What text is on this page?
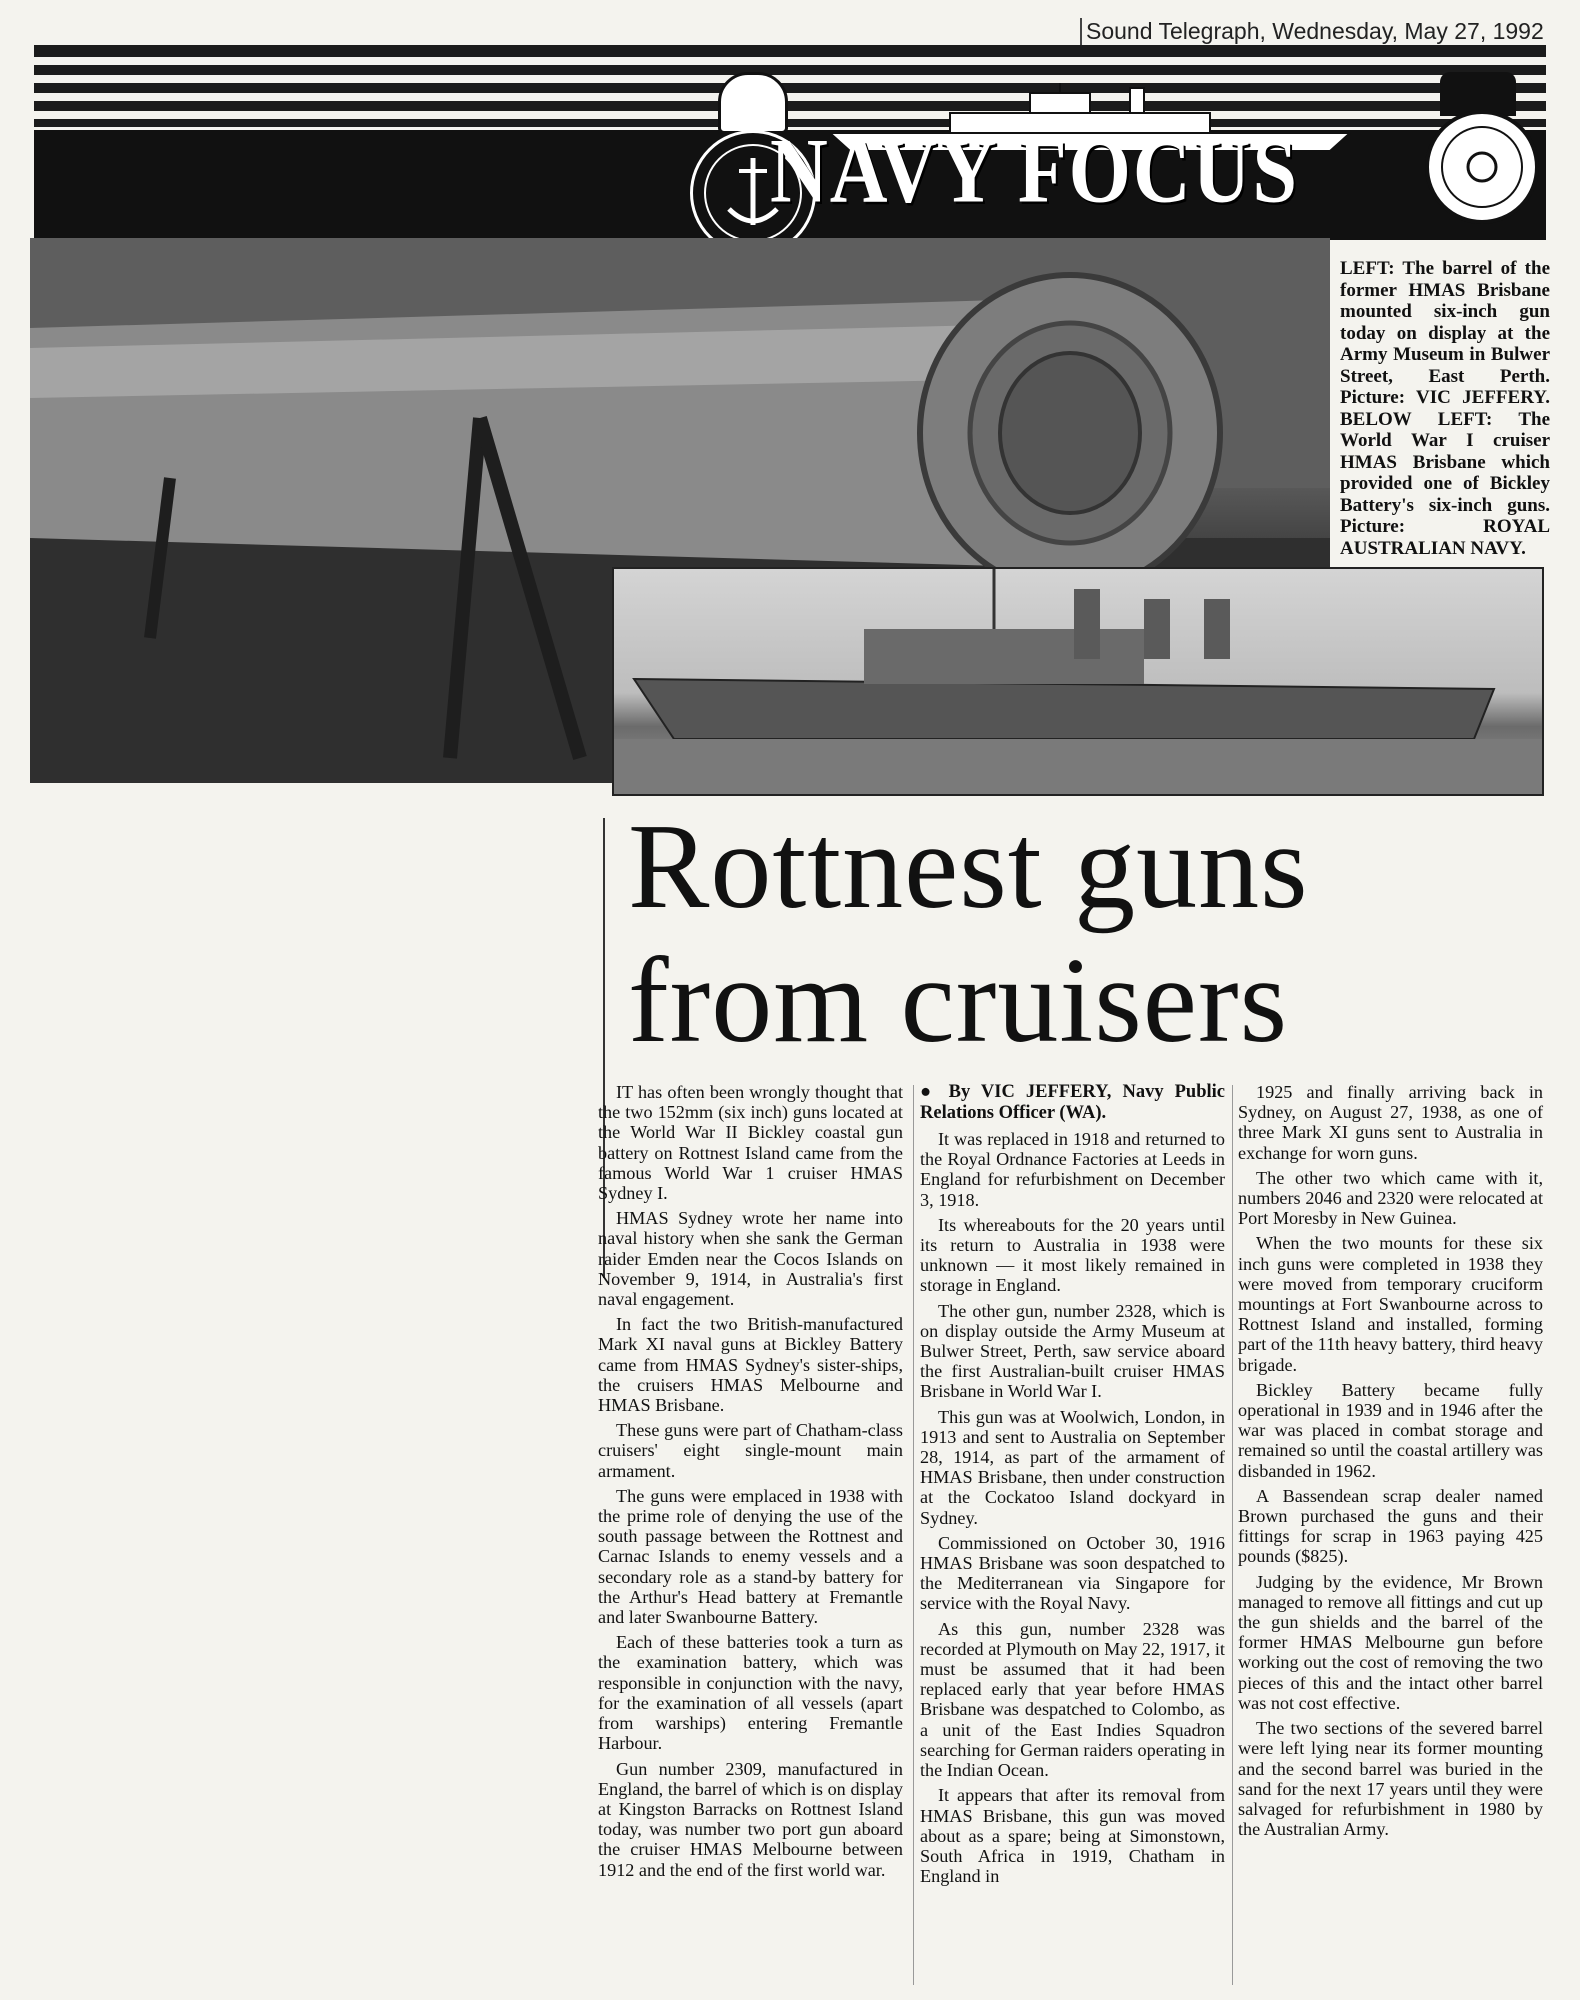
Sound Telegraph, Wednesday, May 27, 1992
NAVY FOCUS
LEFT: The barrel of the former HMAS Brisbane mounted six-inch gun today on display at the Army Museum in Bulwer Street, East Perth. Picture: VIC JEFFERY. BELOW LEFT: The World War I cruiser HMAS Brisbane which provided one of Bickley Battery's six-inch guns. Picture: ROYAL AUSTRALIAN NAVY.
Rottnest guns
from cruisers

IT has often been wrongly thought that the two 152mm (six inch) guns located at the World War II Bickley coastal gun battery on Rottnest Island came from the famous World War 1 cruiser HMAS Sydney I.

HMAS Sydney wrote her name into naval history when she sank the German raider Emden near the Cocos Islands on November 9, 1914, in Australia's first naval engagement.

In fact the two British-manufactured Mark XI naval guns at Bickley Battery came from HMAS Sydney's sister-ships, the cruisers HMAS Melbourne and HMAS Brisbane.

These guns were part of Chatham-class cruisers' eight single-mount main armament.

The guns were emplaced in 1938 with the prime role of denying the use of the south passage between the Rottnest and Carnac Islands to enemy vessels and a secondary role as a stand-by battery for the Arthur's Head battery at Fremantle and later Swanbourne Battery.

Each of these batteries took a turn as the examination battery, which was responsible in conjunction with the navy, for the examination of all vessels (apart from warships) entering Fremantle Harbour.

Gun number 2309, manufactured in England, the barrel of which is on display at Kingston Barracks on Rottnest Island today, was number two port gun aboard the cruiser HMAS Melbourne between 1912 and the end of the first world war.

● By VIC JEFFERY, Navy Public Relations Officer (WA).

It was replaced in 1918 and returned to the Royal Ordnance Factories at Leeds in England for refurbishment on December 3, 1918.

Its whereabouts for the 20 years until its return to Australia in 1938 were unknown — it most likely remained in storage in England.

The other gun, number 2328, which is on display outside the Army Museum at Bulwer Street, Perth, saw service aboard the first Australian-built cruiser HMAS Brisbane in World War I.

This gun was at Woolwich, London, in 1913 and sent to Australia on September 28, 1914, as part of the armament of HMAS Brisbane, then under construction at the Cockatoo Island dockyard in Sydney.

Commissioned on October 30, 1916 HMAS Brisbane was soon despatched to the Mediterranean via Singapore for service with the Royal Navy.

As this gun, number 2328 was recorded at Plymouth on May 22, 1917, it must be assumed that it had been replaced early that year before HMAS Brisbane was despatched to Colombo, as a unit of the East Indies Squadron searching for German raiders operating in the Indian Ocean.

It appears that after its removal from HMAS Brisbane, this gun was moved about as a spare; being at Simonstown, South Africa in 1919, Chatham in England in

1925 and finally arriving back in Sydney, on August 27, 1938, as one of three Mark XI guns sent to Australia in exchange for worn guns.

The other two which came with it, numbers 2046 and 2320 were relocated at Port Moresby in New Guinea.

When the two mounts for these six inch guns were completed in 1938 they were moved from temporary cruciform mountings at Fort Swanbourne across to Rottnest Island and installed, forming part of the 11th heavy battery, third heavy brigade.

Bickley Battery became fully operational in 1939 and in 1946 after the war was placed in combat storage and remained so until the coastal artillery was disbanded in 1962.

A Bassendean scrap dealer named Brown purchased the guns and their fittings for scrap in 1963 paying 425 pounds ($825).

Judging by the evidence, Mr Brown managed to remove all fittings and cut up the gun shields and the barrel of the former HMAS Melbourne gun before working out the cost of removing the two pieces of this and the intact other barrel was not cost effective.

The two sections of the severed barrel were left lying near its former mounting and the second barrel was buried in the sand for the next 17 years until they were salvaged for refurbishment in 1980 by the Australian Army.
